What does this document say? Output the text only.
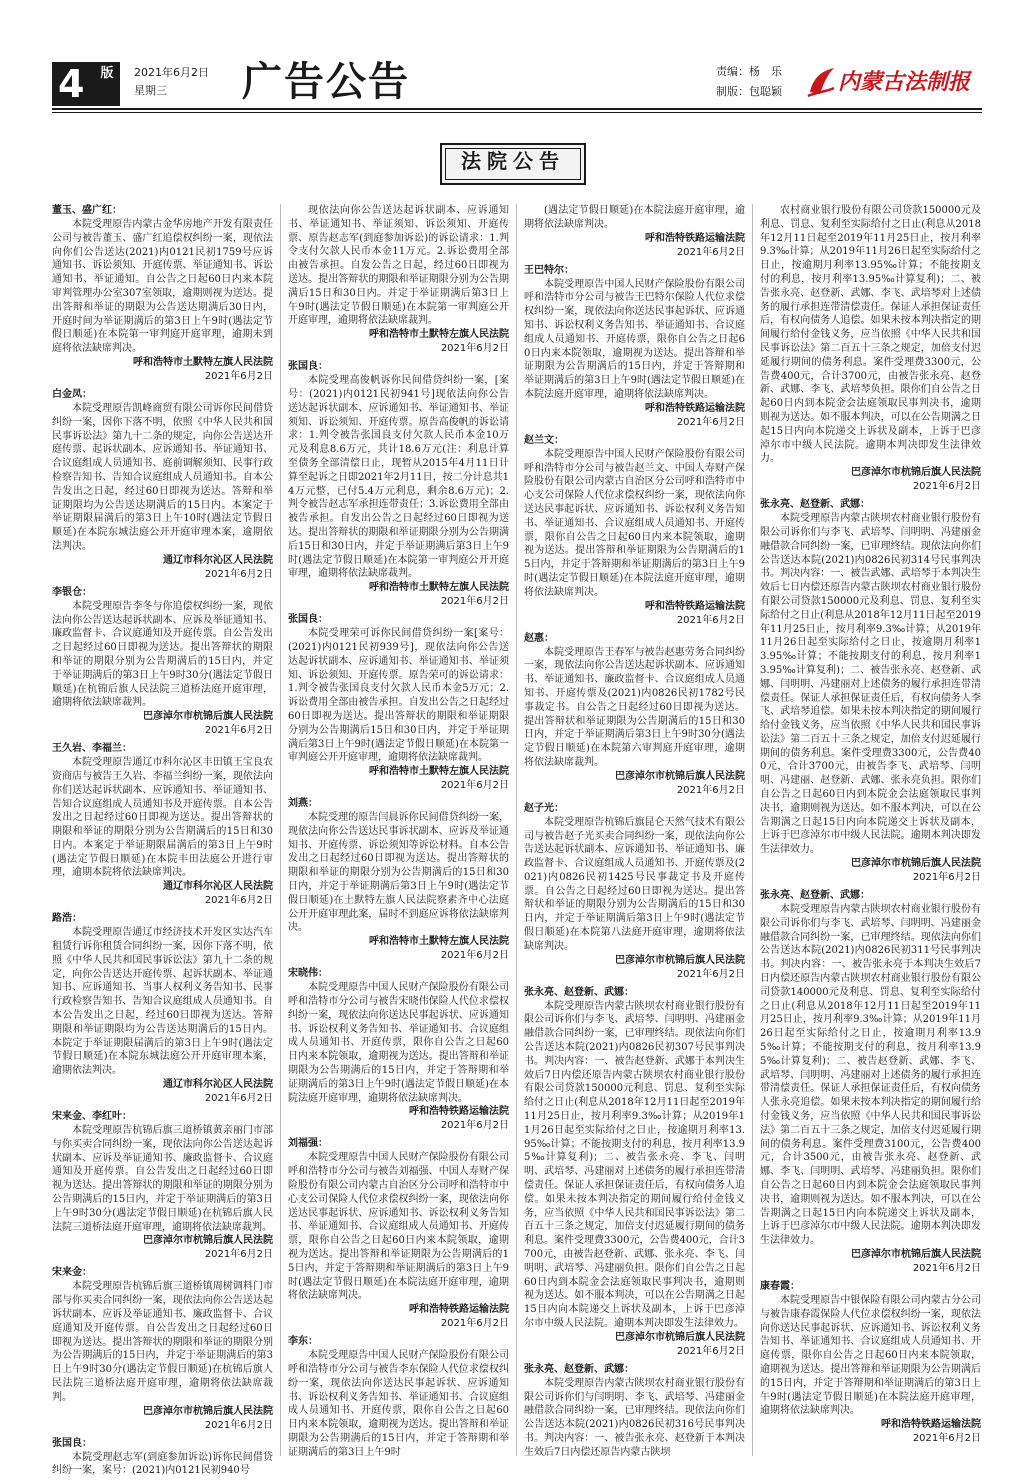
4 版 2021年6月2日
星期三 广告公告	责编：杨　乐
制版：包聪颖	内蒙古法制报
法院公告

董玉、盛广红：

本院受理原告内蒙古金华房地产开发有限责任公司与被告董玉、盛广红追偿权纠纷一案，现依法向你们公告送达(2021)内0121民初1759号应诉通知书、诉讼须知、开庭传票、举证通知书、诉讼通知书、举证通知。自公告之日起60日内来本院审判管理办公室307室领取，逾期则视为送达。提出答辩和举证的期限为公告送达期满后30日内，开庭时间为举证期满后的第3日上午9时(遇法定节假日顺延)在本院第一审判庭开庭审理，逾期未到庭将依法缺席判决。

呼和浩特市土默特左旗人民法院

2021年6月2日

白金凤：

本院受理原告凯峰商贸有限公司诉你民间借贷纠纷一案，因你下落不明，依照《中华人民共和国民事诉讼法》第九十二条的规定，向你公告送达开庭传票、起诉状副本、应诉通知书、举证通知书、合议庭组成人员通知书、庭前调解须知、民事行政检察告知书、告知合议庭组成人员通知书。自本公告发出之日起，经过60日即视为送达。答辩和举证期限均为公告送达期满后的15日内。本案定于举证期限届满后的第3日上午10时(遇法定节假日顺延)在本院东城法庭公开开庭审理本案，逾期依法判决。

通辽市科尔沁区人民法院

2021年6月2日

李银仓：

本院受理原告李冬与你追偿权纠纷一案，现依法向你公告送达起诉状副本、应诉及举证通知书、廉政监督卡、合议庭通知及开庭传票。自公告发出之日起经过60日即视为送达。提出答辩状的期限和举证的期限分别为公告期满后的15日内，并定于举证期满后的第3日上午9时30分(遇法定节假日顺延)在杭锦后旗人民法院三道桥法庭开庭审理，逾期将依法缺席裁判。

巴彦淖尔市杭锦后旗人民法院

2021年6月2日

王久岩、李福兰：

本院受理原告通辽市科尔沁区丰田镇王宝良农资商店与被告王久岩、李福兰纠纷一案，现依法向你们送达起诉状副本、应诉通知书、举证通知书、告知合议庭组成人员通知书及开庭传票。自本公告发出之日起经过60日即视为送达。提出答辩状的期限和举证的期限分别为公告期满后的15日和30日内。本案定于举证期限届满后的第3日上午9时(遇法定节假日顺延)在本院丰田法庭公开进行审理，逾期本院将依法缺席判决。

通辽市科尔沁区人民法院

2021年6月2日

路浩：

本院受理原告通辽市经济技术开发区实达汽车租赁行诉你租赁合同纠纷一案，因你下落不明，依照《中华人民共和国民事诉讼法》第九十二条的规定，向你公告送达开庭传票、起诉状副本、举证通知书、应诉通知书、当事人权利义务告知书、民事行政检察告知书、告知合议庭组成人员通知书。自本公告发出之日起，经过60日即视为送达。答辩期限和举证期限均为公告送达期满后的15日内。本院定于举证期限届满后的第3日上午9时(遇法定节假日顺延)在本院东城法庭公开开庭审理本案，逾期依法判决。

通辽市科尔沁区人民法院

2021年6月2日

宋来金、李红叶：

本院受理原告杭锦后旗三道桥镇黄亲丽门市部与你买卖合同纠纷一案，现依法向你公告送达起诉状副本、应诉及举证通知书、廉政监督卡、合议庭通知及开庭传票。自公告发出之日起经过60日即视为送达。提出答辩状的期限和举证的期限分别为公告期满后的15日内，并定于举证期满后的第3日上午9时30分(遇法定节假日顺延)在杭锦后旗人民法院三道桥法庭开庭审理，逾期将依法缺席裁判。

巴彦淖尔市杭锦后旗人民法院

2021年6月2日

宋来金：

本院受理原告杭锦后旗三道桥镇周树调料门市部与你买卖合同纠纷一案，现依法向你公告送达起诉状副本、应诉及举证通知书、廉政监督卡、合议庭通知及开庭传票。自公告发出之日起经过60日即视为送达。提出答辩状的期限和举证的期限分别为公告期满后的15日内，并定于举证期满后的第3日上午9时30分(遇法定节假日顺延)在杭锦后旗人民法院三道桥法庭开庭审理，逾期将依法缺席裁判。

巴彦淖尔市杭锦后旗人民法院

2021年6月2日

张国良：

本院受理赵志军(到庭参加诉讼)诉你民间借贷纠纷一案，案号：(2021)内0121民初940号

现依法向你公告送达起诉状副本、应诉通知书、举证通知书、举证须知、诉讼须知、开庭传票、原告赵志军(到庭参加诉讼)的诉讼请求：1.判令支付欠款人民币本金11万元。2.诉讼费用全部由被告承担。自发公告之日起，经过60日即视为送达。提出答辩状的期限和举证期限分别为公告期满后15日和30日内。并定于举证期满后第3日上午9时(遇法定节假日顺延)在本院第一审判庭公开开庭审理，逾期将依法缺席裁判。

呼和浩特市土默特左旗人民法院

2021年6月2日

张国良：

本院受理高俊帆诉你民间借贷纠纷一案，[案号：(2021)内0121民初941号]现依法向你公告送达起诉状副本、应诉通知书、举证通知书、举证须知、诉讼须知、开庭传票。原告高俊帆的诉讼请求：1.判令被告张国良支付欠款人民币本金10万元及利息8.6万元，共计18.6万元(注：利息计算至债务全部清偿日止，现暂从2015年4月11日计算至起诉之日即2021年2月11日，按二分计息共14万元整，已付5.4万元利息，剩余8.6万元)；2.判令被告赵志军承担连带责任；3.诉讼费用全部由被告承担。自发出公告之日起经过60日即视为送达。提出答辩状的期限和举证期限分别为公告期满后15日和30日内，并定于举证期满后第3日上午9时(遇法定节假日顺延)在本院第一审判庭公开开庭审理，逾期将依法缺席裁判。

呼和浩特市土默特左旗人民法院

2021年6月2日

张国良：

本院受理荣可诉你民间借贷纠纷一案[案号：(2021)内0121民初939号]，现依法向你公告送达起诉状副本、应诉通知书、举证通知书、举证须知、诉讼须知、开庭传票。原告荣可的诉讼请求：1.判令被告张国良支付欠款人民币本金5万元；2.诉讼费用全部由被告承担。自发出公告之日起经过60日即视为送达。提出答辩状的期限和举证期限分别为公告期满后15日和30日内，并定于举证期满后第3日上午9时(遇法定节假日顺延)在本院第一审判庭公开开庭审理，逾期将依法缺席裁判。

呼和浩特市土默特左旗人民法院

2021年6月2日

刘燕：

本院受理的原告闫晨诉你民间借贷纠纷一案，现依法向你公告送达民事诉状副本、应诉及举证通知书、开庭传票、诉讼须知等诉讼材料。自本公告发出之日起经过60日即视为送达。提出答辩状的期限和举证的期限分别为公告期满后的15日和30日内，并定于举证期满后第3日上午9时(遇法定节假日顺延)在土默特左旗人民法院察素齐中心法庭公开开庭审理此案，届时不到庭应诉将依法缺席判决。

呼和浩特市土默特左旗人民法院

2021年6月2日

宋晓伟：

本院受理原告中国人民财产保险股份有限公司呼和浩特市分公司与被告宋晓伟保险人代位求偿权纠纷一案，现依法向你送达民事起诉状、应诉通知书、诉讼权利义务告知书、举证通知书、合议庭组成人员通知书、开庭传票，限你自公告之日起60日内来本院领取，逾期视为送达。提出答辩和举证期限为公告期满后的15日内，并定于答辩期和举证期满后的第3日上午9时(遇法定节假日顺延)在本院法庭开庭审理，逾期将依法缺席判决。

呼和浩特铁路运输法院

2021年6月2日

刘福强：

本院受理原告中国人民财产保险股份有限公司呼和浩特市分公司与被告刘福强、中国人寿财产保险股份有限公司内蒙古自治区分公司呼和浩特市中心支公司保险人代位求偿权纠纷一案，现依法向你送达民事起诉状、应诉通知书、诉讼权利义务告知书、举证通知书、合议庭组成人员通知书、开庭传票，限你自公告之日起60日内来本院领取，逾期视为送达。提出答辩和举证期限为公告期满后的15日内，并定于答辩期和举证期满后的第3日上午9时(遇法定节假日顺延)在本院法庭开庭审理，逾期将依法缺席判决。

呼和浩特铁路运输法院

2021年6月2日

李东：

本院受理原告中国人民财产保险股份有限公司呼和浩特市分公司与被告李东保险人代位求偿权纠纷一案，现依法向你送达民事起诉状、应诉通知书、诉讼权利义务告知书、举证通知书、合议庭组成人员通知书、开庭传票，限你自公告之日起60日内来本院领取，逾期视为送达。提出答辩和举证期限为公告期满后的15日内，并定于答辩期和举证期满后的第3日上午9时

(遇法定节假日顺延)在本院法庭开庭审理，逾期将依法缺席判决。

呼和浩特铁路运输法院

2021年6月2日

王巴特尔：

本院受理原告中国人民财产保险股份有限公司呼和浩特市分公司与被告王巴特尔保险人代位求偿权纠纷一案，现依法向你送达民事起诉状、应诉通知书、诉讼权利义务告知书、举证通知书、合议庭组成人员通知书、开庭传票，限你自公告之日起60日内来本院领取，逾期视为送达。提出答辩和举证期限为公告期满后的15日内，并定于答辩期和举证期满后的第3日上午9时(遇法定节假日顺延)在本院法庭开庭审理，逾期将依法缺席判决。

呼和浩特铁路运输法院

2021年6月2日

赵兰文：

本院受理原告中国人民财产保险股份有限公司呼和浩特市分公司与被告赵兰文、中国人寿财产保险股份有限公司内蒙古自治区分公司呼和浩特市中心支公司保险人代位求偿权纠纷一案，现依法向你送达民事起诉状、应诉通知书、诉讼权利义务告知书、举证通知书、合议庭组成人员通知书、开庭传票，限你自公告之日起60日内来本院领取，逾期视为送达。提出答辩和举证期限为公告期满后的15日内，并定于答辩期和举证期满后的第3日上午9时(遇法定节假日顺延)在本院法庭开庭审理，逾期将依法缺席判决。

呼和浩特铁路运输法院

2021年6月2日

赵惠：

本院受理原告王春军与被告赵惠劳务合同纠纷一案，现依法向你公告送达起诉状副本、应诉通知书、举证通知书、廉政监督卡、合议庭组成人员通知书、开庭传票及(2021)内0826民初1782号民事裁定书。自公告之日起经过60日即视为送达。提出答辩状和举证期限为公告期满后的15日和30日内，并定于举证期满后第3日上午9时30分(遇法定节假日顺延)在本院第六审判庭开庭审理，逾期将依法缺席裁判。

巴彦淖尔市杭锦后旗人民法院

2021年6月2日

赵子光：

本院受理原告杭锦后旗昆仑天然气技术有限公司与被告赵子光买卖合同纠纷一案，现依法向你公告送达起诉状副本、应诉通知书、举证通知书、廉政监督卡、合议庭组成人员通知书、开庭传票及(2021)内0826民初1425号民事裁定书及开庭传票。自公告之日起经过60日即视为送达。提出答辩状和举证的期限分别为公告期满后的15日和30日内，并定于举证期满后第3日上午9时(遇法定节假日顺延)在本院第八法庭开庭审理，逾期将依法缺席判决。

巴彦淖尔市杭锦后旗人民法院

2021年6月2日

张永亮、赵登新、武娜：

本院受理原告内蒙古陕坝农村商业银行股份有限公司诉你们与李飞、武培琴、闫明明、冯建丽金融借款合同纠纷一案，已审理终结。现依法向你们公告送达本院(2021)内0826民初307号民事判决书。判决内容：一、被告赵登新、武娜于本判决生效后7日内偿还原告内蒙古陕坝农村商业银行股份有限公司贷款150000元利息、罚息、复利至实际给付之日止(利息从2018年12月11日起至2019年11月25日止，按月利率9.3‰计算；从2019年11月26日起至实际给付之日止，按逾期月利率13.95‰计算；不能按期支付的利息，按月利率13.95‰计算复利)；二、被告张永亮、李飞、闫明明、武培琴、冯建丽对上述债务的履行承担连带清偿责任。保证人承担保证责任后，有权向债务人追偿。如果未按本判决指定的期间履行给付金钱义务，应当依照《中华人民共和国民事诉讼法》第二百五十三条之规定，加倍支付迟延履行期间的债务利息。案件受理费3300元，公告费400元，合计3700元，由被告赵登新、武娜、张永亮、李飞、闫明明、武培琴、冯建丽负担。限你们自公告之日起60日内到本院金会法庭领取民事判决书，逾期则视为送达。如不服本判决，可以在公告期满之日起15日内向本院递交上诉状及副本，上诉于巴彦淖尔市中级人民法院。逾期本判决即发生法律效力。

巴彦淖尔市杭锦后旗人民法院

2021年6月2日

张永亮、赵登新、武娜：

本院受理原告内蒙古陕坝农村商业银行股份有限公司诉你们与闫明明、李飞、武培琴、冯建丽金融借款合同纠纷一案，已审理终结。现依法向你们公告送达本院(2021)内0826民初316号民事判决书。判决内容：一、被告张永亮、赵登新于本判决生效后7日内偿还原告内蒙古陕坝

农村商业银行股份有限公司贷款150000元及利息、罚息、复利至实际给付之日止(利息从2018年12月11日起至2019年11月25日止，按月利率9.3‰计算；从2019年11月26日起至实际给付之日止，按逾期月利率13.95‰计算；不能按期支付的利息，按月利率13.95‰计算复利)；二、被告张永亮、赵登新、武娜、李飞、武培琴对上述债务的履行承担连带清偿责任。保证人承担保证责任后，有权向债务人追偿。如果未按本判决指定的期间履行给付金钱义务，应当依照《中华人民共和国民事诉讼法》第二百五十三条之规定，加倍支付迟延履行期间的债务利息。案件受理费3300元，公告费400元，合计3700元，由被告张永亮、赵登新、武娜、李飞、武培琴负担。限你们自公告之日起60日内到本院金会法庭领取民事判决书，逾期则视为送达。如不服本判决，可以在公告期满之日起15日内向本院递交上诉状及副本，上诉于巴彦淖尔市中级人民法院。逾期本判决即发生法律效力。

巴彦淖尔市杭锦后旗人民法院

2021年6月2日

张永亮、赵登新、武娜：

本院受理原告内蒙古陕坝农村商业银行股份有限公司诉你们与李飞、武培琴、闫明明、冯建丽金融借款合同纠纷一案，已审理终结。现依法向你们公告送达本院(2021)内0826民初314号民事判决书。判决内容：一、被告武娜、武培琴于本判决生效后七日内偿还原告内蒙古陕坝农村商业银行股份有限公司贷款150000元及利息、罚息、复利至实际给付之日止(利息从2018年12月11日起至2019年11月25日止，按月利率9.3‰计算；从2019年11月26日起至实际给付之日止，按逾期月利率13.95‰计算；不能按期支付的利息，按月利率13.95‰计算复利)；二、被告张永亮、赵登新、武娜、闫明明、冯建丽对上述债务的履行承担连带清偿责任。保证人承担保证责任后，有权向债务人李飞、武培琴追偿。如果未按本判决指定的期间履行给付金钱义务，应当依照《中华人民共和国民事诉讼法》第二百五十三条之规定，加倍支付迟延履行期间的债务利息。案件受理费3300元，公告费400元，合计3700元，由被告李飞、武培琴、闫明明、冯建丽、赵登新、武娜、张永亮负担。限你们自公告之日起60日内到本院金会法庭领取民事判决书，逾期则视为送达。如不服本判决，可以在公告期满之日起15日内向本院递交上诉状及副本，上诉于巴彦淖尔市中级人民法院。逾期本判决即发生法律效力。

巴彦淖尔市杭锦后旗人民法院

2021年6月2日

张永亮、赵登新、武娜：

本院受理原告内蒙古陕坝农村商业银行股份有限公司诉你们与李飞、武培琴、闫明明、冯建丽金融借款合同纠纷一案，已审理终结。现依法向你们公告送达本院(2021)内0826民初311号民事判决书。判决内容：一、被告张永亮于本判决生效后7日内偿还原告内蒙古陕坝农村商业银行股份有限公司贷款140000元及利息、罚息、复利至实际给付之日止(利息从2018年12月11日起至2019年11月25日止，按月利率9.3‰计算；从2019年11月26日起至实际给付之日止，按逾期月利率13.95‰计算；不能按期支付的利息，按月利率13.95‰计算复利)；二、被告赵登新、武娜、李飞、武培琴、闫明明、冯建丽对上述债务的履行承担连带清偿责任。保证人承担保证责任后，有权向债务人张永亮追偿。如果未按本判决指定的期间履行给付金钱义务，应当依照《中华人民共和国民事诉讼法》第二百五十三条之规定，加倍支付迟延履行期间的债务利息。案件受理费3100元，公告费400元，合计3500元，由被告张永亮、赵登新、武娜、李飞、闫明明、武培琴、冯建丽负担。限你们自公告之日起60日内到本院金会法庭领取民事判决书，逾期则视为送达。如不服本判决，可以在公告期满之日起15日内向本院递交上诉状及副本，上诉于巴彦淖尔市中级人民法院。逾期本判决即发生法律效力。

巴彦淖尔市杭锦后旗人民法院

2021年6月2日

康春霞：

本院受理原告中银保险有限公司内蒙古分公司与被告康春霞保险人代位求偿权纠纷一案，现依法向你送达民事起诉状、应诉通知书、诉讼权利义务告知书、举证通知书、合议庭组成人员通知书、开庭传票，限你自公告之日起60日内来本院领取，逾期视为送达。提出答辩和举证期限为公告期满后的15日内，并定于答辩期和举证期满后的第3日上午9时(遇法定节假日顺延)在本院法庭开庭审理，逾期将依法缺席判决。

呼和浩特铁路运输法院

2021年6月2日
